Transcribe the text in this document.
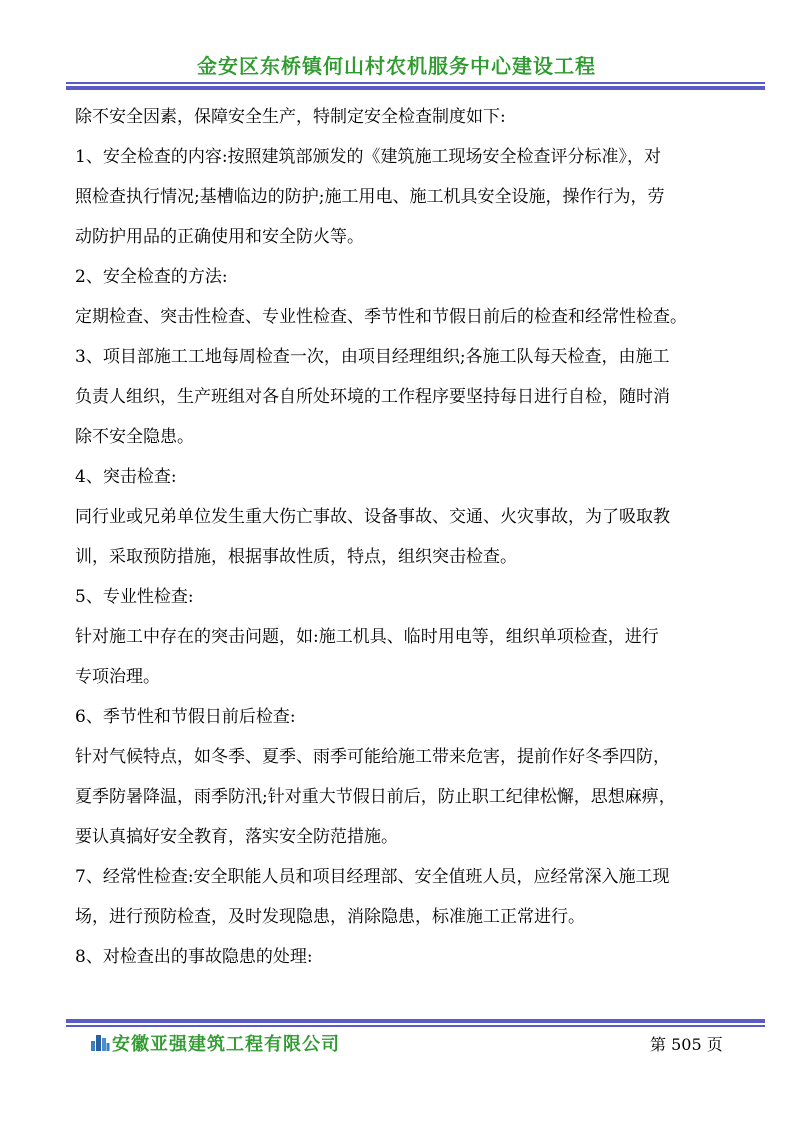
金安区东桥镇何山村农机服务中心建设工程

除不安全因素，保障安全生产，特制定安全检查制度如下:

1、安全检查的内容:按照建筑部颁发的《建筑施工现场安全检查评分标准》，对

照检查执行情况;基槽临边的防护;施工用电、施工机具安全设施，操作行为，劳

动防护用品的正确使用和安全防火等。

2、安全检查的方法:

定期检查、突击性检查、专业性检查、季节性和节假日前后的检查和经常性检查。

3、项目部施工工地每周检查一次，由项目经理组织;各施工队每天检查，由施工

负责人组织，生产班组对各自所处环境的工作程序要坚持每日进行自检，随时消

除不安全隐患。

4、突击检查:

同行业或兄弟单位发生重大伤亡事故、设备事故、交通、火灾事故，为了吸取教

训，采取预防措施，根据事故性质，特点，组织突击检查。

5、专业性检查:

针对施工中存在的突击问题，如:施工机具、临时用电等，组织单项检查，进行

专项治理。

6、季节性和节假日前后检查:

针对气候特点，如冬季、夏季、雨季可能给施工带来危害，提前作好冬季四防，

夏季防暑降温，雨季防汛;针对重大节假日前后，防止职工纪律松懈，思想麻痹，

要认真搞好安全教育，落实安全防范措施。

7、经常性检查:安全职能人员和项目经理部、安全值班人员，应经常深入施工现

场，进行预防检查，及时发现隐患，消除隐患，标准施工正常进行。

8、对检查出的事故隐患的处理:

安徽亚强建筑工程有限公司	第 505 页
